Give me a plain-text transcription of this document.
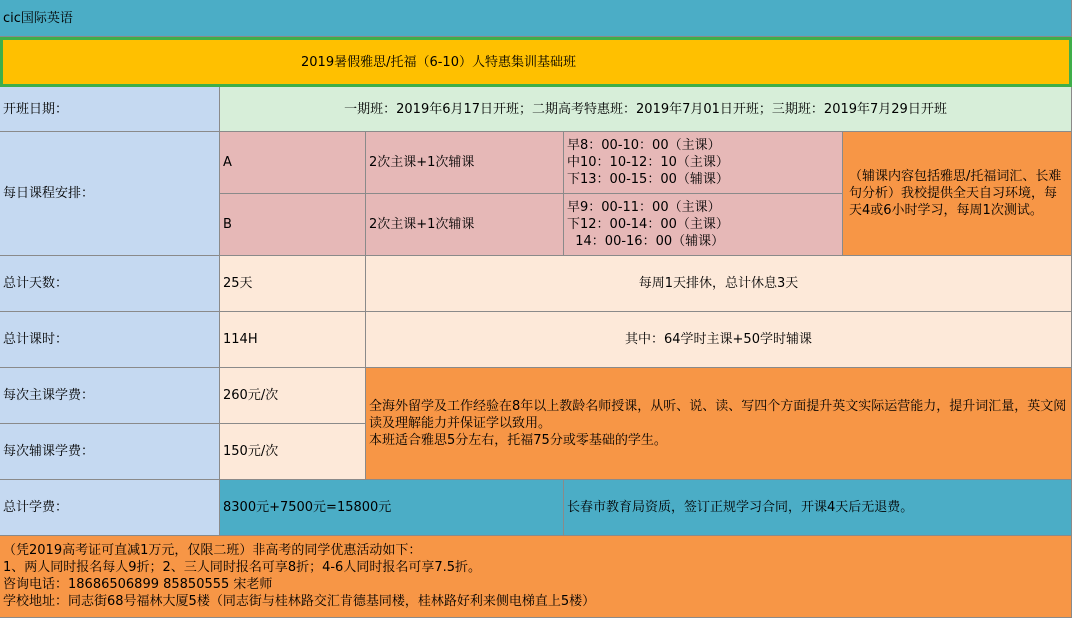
cic国际英语
2019暑假雅思/托福（6-10）人特惠集训基础班
开班日期：	一期班：2019年6月17日开班；二期高考特惠班：2019年7月01日开班；三期班：2019年7月29日开班
每日课程安排：
A	2次主课+1次辅课
早8：00-10：00（主课）
中10：10-12：10（主课）
下13：00-15：00（辅课）
B	2次主课+1次辅课
早9：00-11：00（主课）
下12：00-14：00（主课）
14：00-16：00（辅课）
（辅课内容包括雅思/托福词汇、长难句分析）我校提供全天自习环境，每天4或6小时学习，每周1次测试。
总计天数：	25天	每周1天排休，总计休息3天
总计课时：	114H	其中：64学时主课+50学时辅课
每次主课学费：	260元/次
每次辅课学费：	150元/次
全海外留学及工作经验在8年以上教龄名师授课，从听、说、读、写四个方面提升英文实际运营能力，提升词汇量，英文阅读及理解能力并保证学以致用。
本班适合雅思5分左右，托福75分或零基础的学生。
总计学费：	8300元+7500元=15800元	长春市教育局资质，签订正规学习合同，开课4天后无退费。
（凭2019高考证可直减1万元，仅限二班）非高考的同学优惠活动如下：
1、两人同时报名每人9折；2、三人同时报名可享8折；4-6人同时报名可享7.5折。
咨询电话：18686506899 85850555 宋老师
学校地址：同志街68号福林大厦5楼（同志街与桂林路交汇肯德基同楼，桂林路好利来侧电梯直上5楼）
